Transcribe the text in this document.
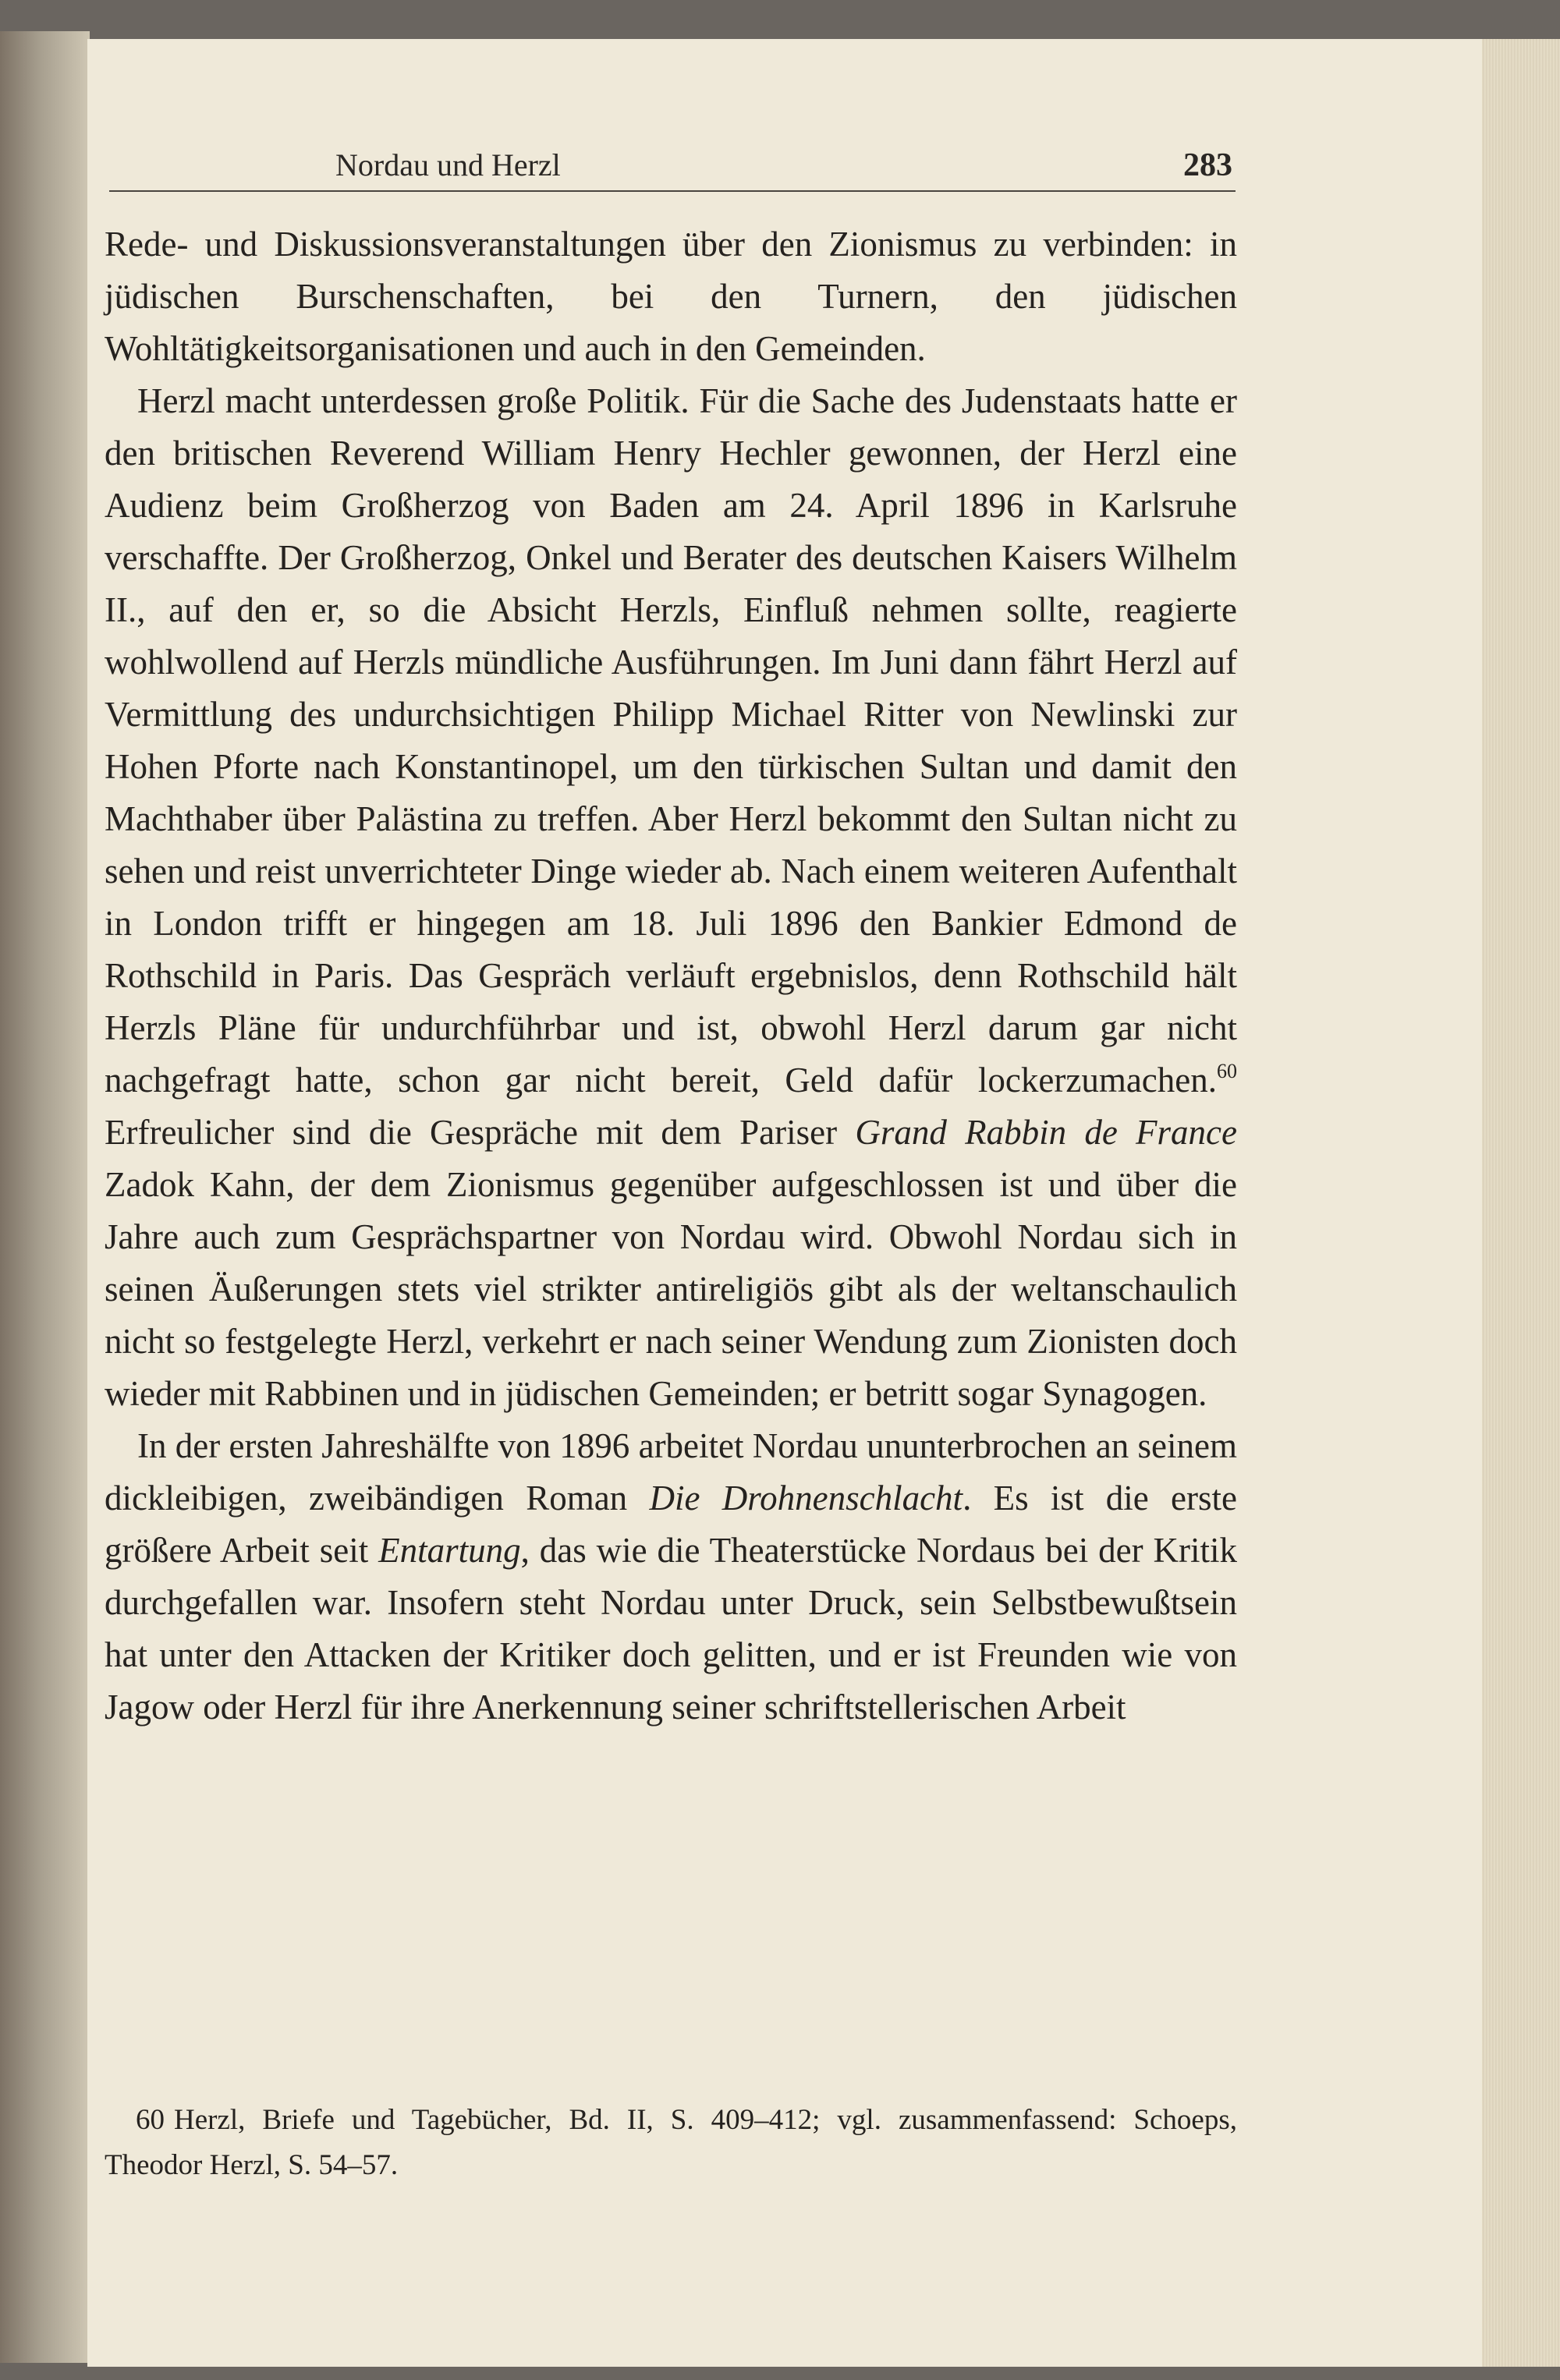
Nordau und Herzl	283

Rede- und Diskussionsveranstaltungen über den Zionismus zu verbinden: in jüdischen Burschenschaften, bei den Turnern, den jüdischen Wohltätigkeitsorganisationen und auch in den Gemeinden.

Herzl macht unterdessen große Politik. Für die Sache des Judenstaats hatte er den britischen Reverend William Henry Hechler gewonnen, der Herzl eine Audienz beim Großherzog von Baden am 24. April 1896 in Karlsruhe verschaffte. Der Großherzog, Onkel und Berater des deutschen Kaisers Wilhelm II., auf den er, so die Absicht Herzls, Einfluß nehmen sollte, reagierte wohlwollend auf Herzls mündliche Ausführungen. Im Juni dann fährt Herzl auf Vermittlung des undurchsichtigen Philipp Michael Ritter von Newlinski zur Hohen Pforte nach Konstantinopel, um den türkischen Sultan und damit den Machthaber über Palästina zu treffen. Aber Herzl bekommt den Sultan nicht zu sehen und reist unverrichteter Dinge wieder ab. Nach einem weiteren Aufenthalt in London trifft er hingegen am 18. Juli 1896 den Bankier Edmond de Rothschild in Paris. Das Gespräch verläuft ergebnislos, denn Rothschild hält Herzls Pläne für undurchführbar und ist, obwohl Herzl darum gar nicht nachgefragt hatte, schon gar nicht bereit, Geld dafür lockerzumachen.$^{60}$ Erfreulicher sind die Gespräche mit dem Pariser Grand Rabbin de France Zadok Kahn, der dem Zionismus gegenüber aufgeschlossen ist und über die Jahre auch zum Gesprächspartner von Nordau wird. Obwohl Nordau sich in seinen Äußerungen stets viel strikter antireligiös gibt als der weltanschaulich nicht so festgelegte Herzl, verkehrt er nach seiner Wendung zum Zionisten doch wieder mit Rabbinen und in jüdischen Gemeinden; er betritt sogar Synagogen.

In der ersten Jahreshälfte von 1896 arbeitet Nordau ununterbrochen an seinem dickleibigen, zweibändigen Roman Die Drohnenschlacht. Es ist die erste größere Arbeit seit Entartung, das wie die Theaterstücke Nordaus bei der Kritik durchgefallen war. Insofern steht Nordau unter Druck, sein Selbstbewußtsein hat unter den Attacken der Kritiker doch gelitten, und er ist Freunden wie von Jagow oder Herzl für ihre Anerkennung seiner schriftstellerischen Arbeit

60 Herzl, Briefe und Tagebücher, Bd. II, S. 409–412; vgl. zusammenfassend: Schoeps, Theodor Herzl, S. 54–57.
